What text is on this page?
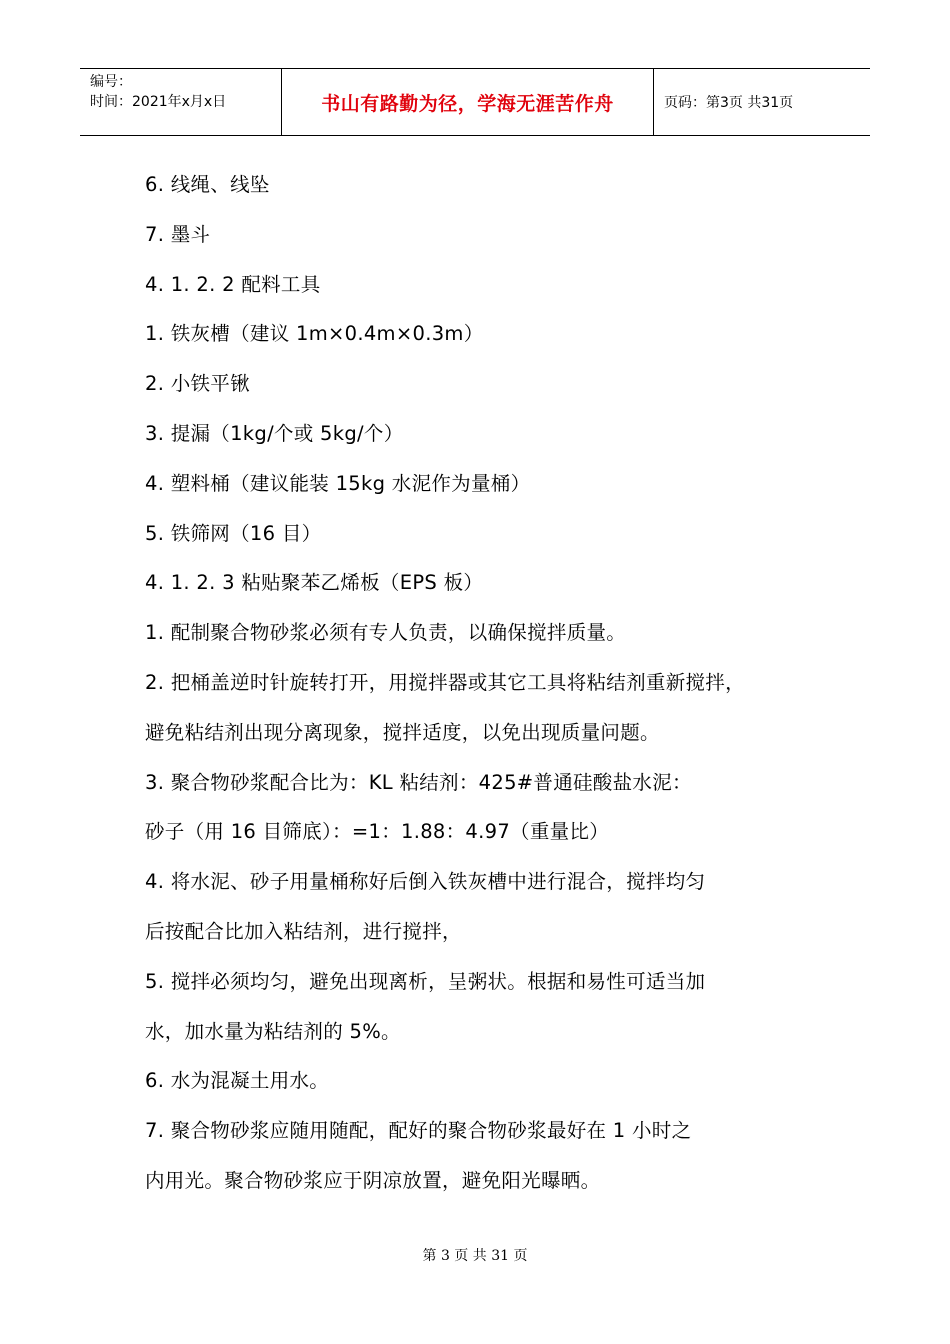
编号：
时间：2021年x月x日	书山有路勤为径，学海无涯苦作舟	页码：第3页 共31页
6. 线绳、线坠
7. 墨斗
4. 1. 2. 2 配料工具
1. 铁灰槽（建议 1m×0.4m×0.3m）
2. 小铁平锹
3. 提漏（1kg/个或 5kg/个）
4. 塑料桶（建议能装 15kg 水泥作为量桶）
5. 铁筛网（16 目）
4. 1. 2. 3 粘贴聚苯乙烯板（EPS 板）
1. 配制聚合物砂浆必须有专人负责，以确保搅拌质量。
2. 把桶盖逆时针旋转打开，用搅拌器或其它工具将粘结剂重新搅拌，
避免粘结剂出现分离现象，搅拌适度，以免出现质量问题。
3. 聚合物砂浆配合比为：KL 粘结剂：425#普通硅酸盐水泥：
砂子（用 16 目筛底）：=1：1.88：4.97（重量比）
4. 将水泥、砂子用量桶称好后倒入铁灰槽中进行混合，搅拌均匀
后按配合比加入粘结剂，进行搅拌，
5. 搅拌必须均匀，避免出现离析，呈粥状。根据和易性可适当加
水，加水量为粘结剂的 5%。
6. 水为混凝土用水。
7. 聚合物砂浆应随用随配，配好的聚合物砂浆最好在 1 小时之
内用光。聚合物砂浆应于阴凉放置，避免阳光曝晒。
第 3 页 共 31 页
